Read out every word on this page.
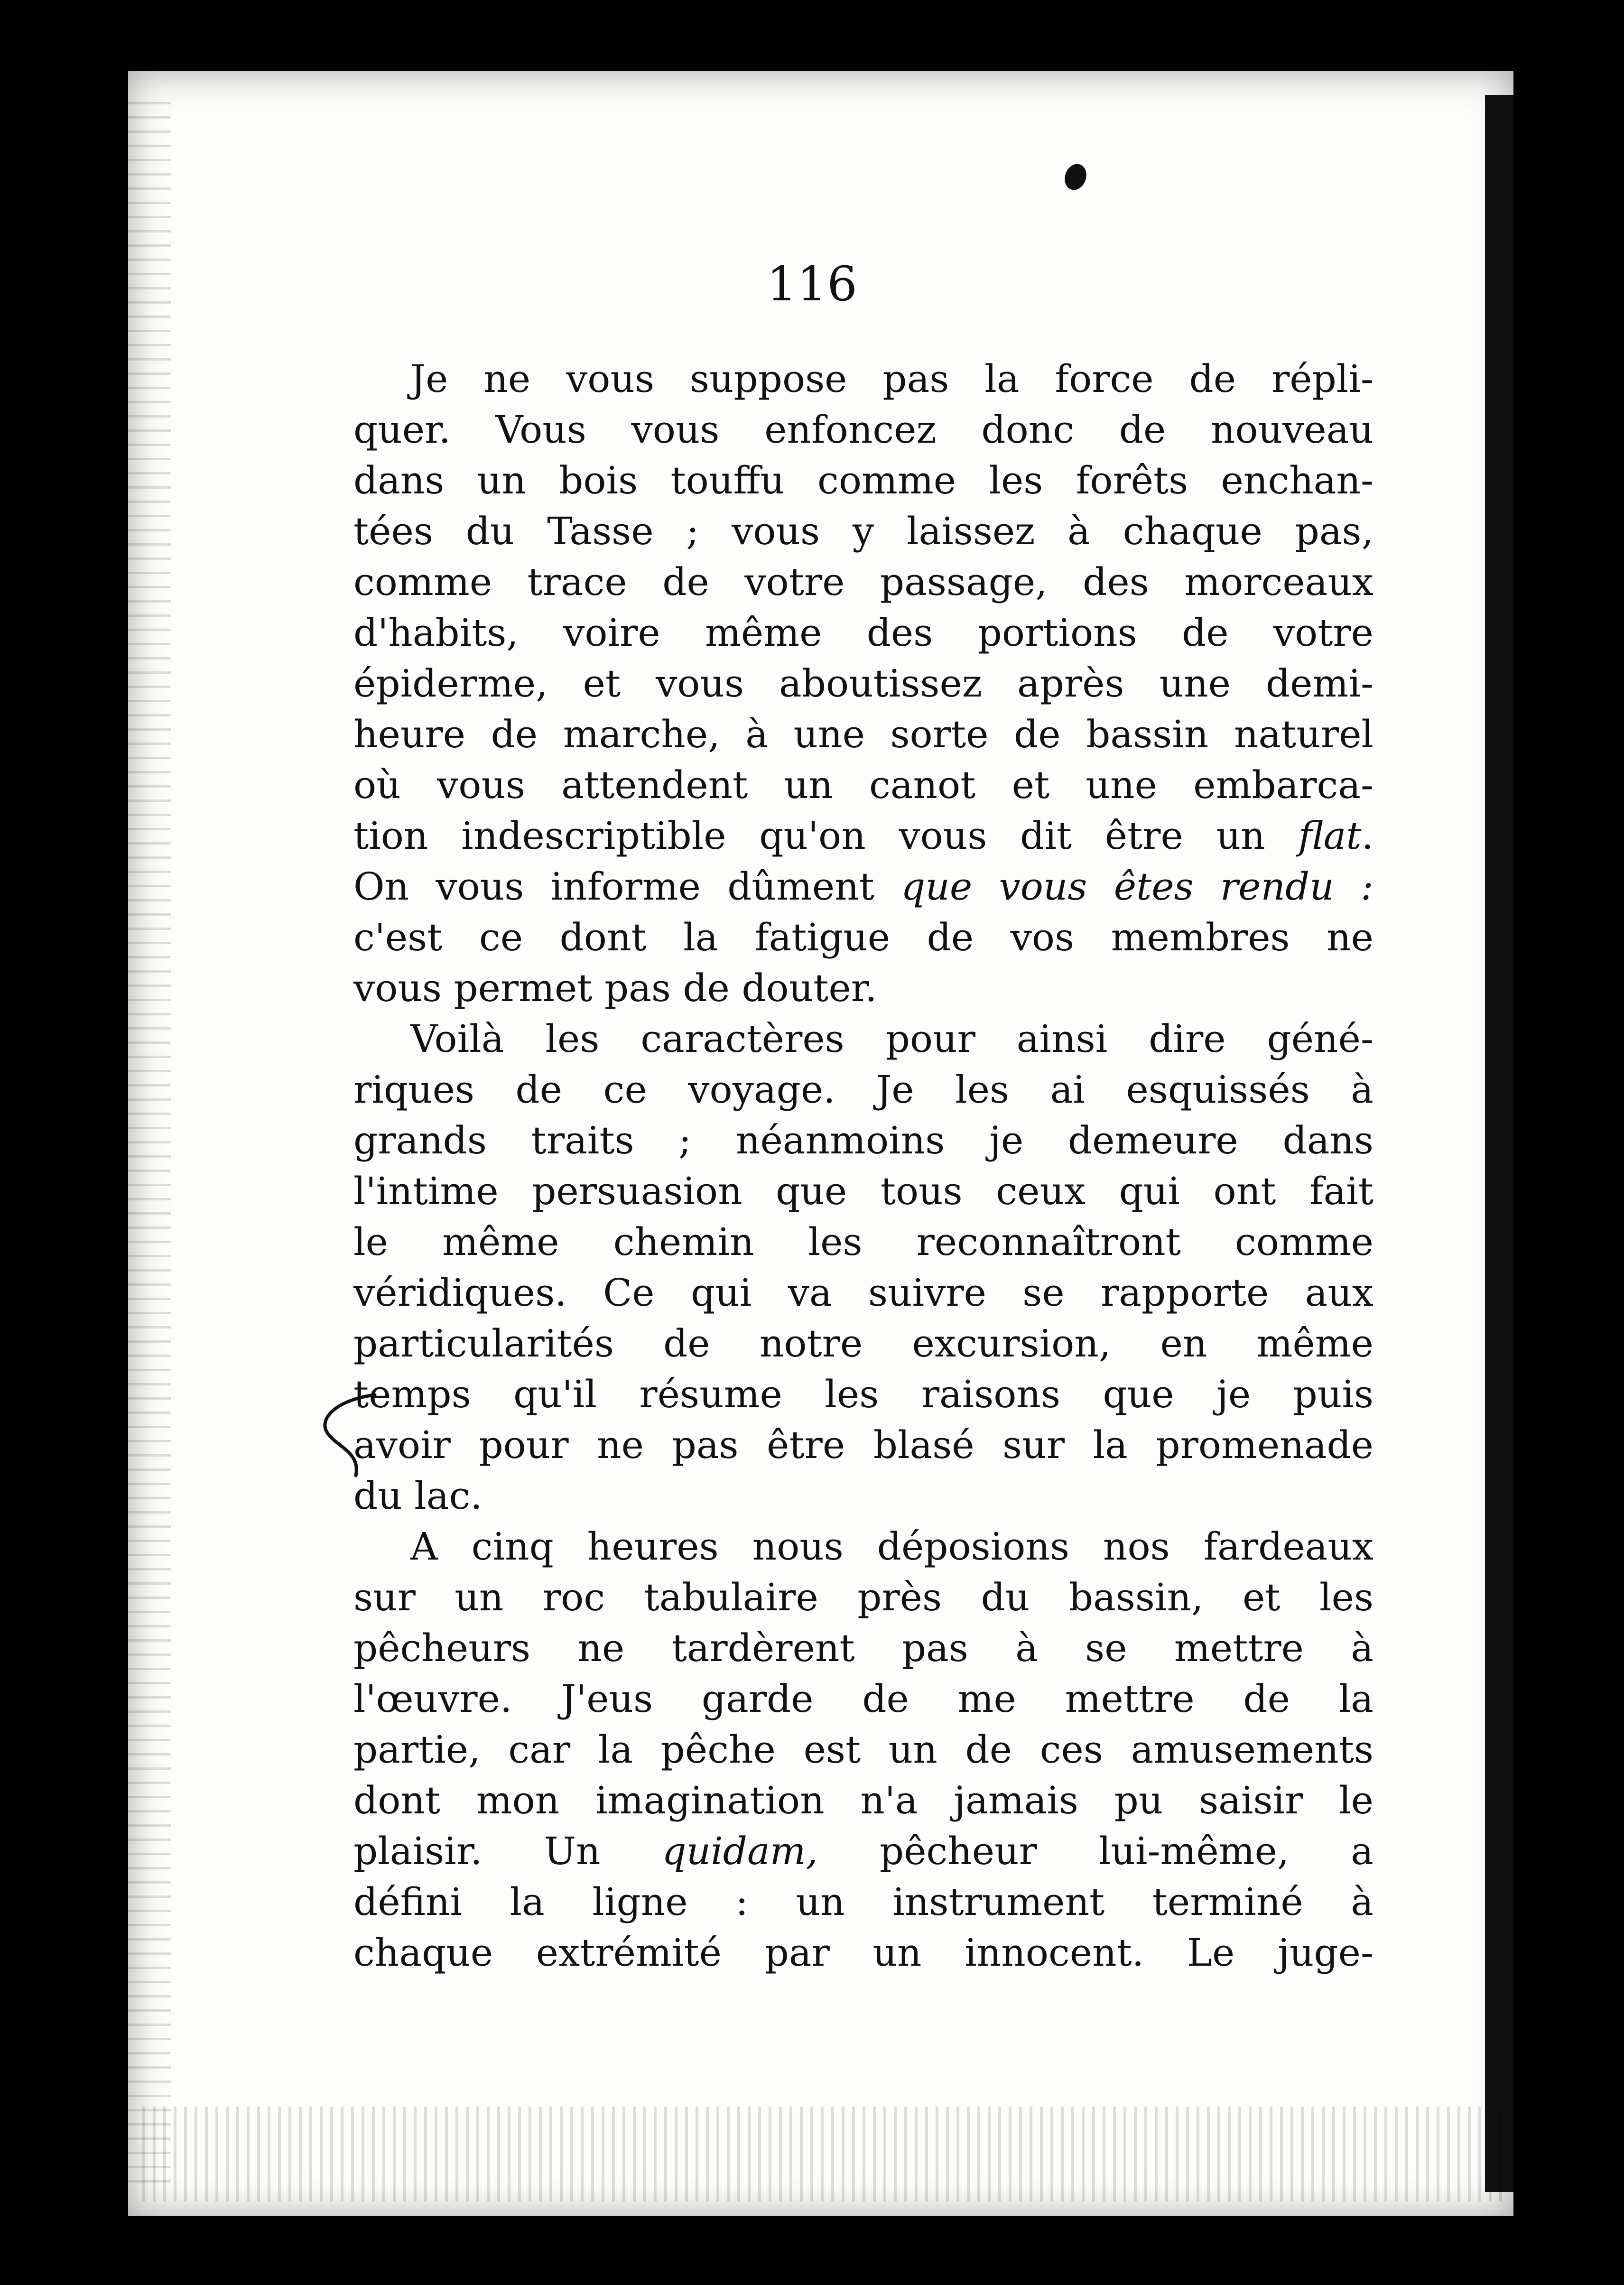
116

Je ne vous suppose pas la force de répli-
quer. Vous vous enfoncez donc de nouveau
dans un bois touffu comme les forêts enchan-
tées du Tasse ; vous y laissez à chaque pas,
comme trace de votre passage, des morceaux
d'habits, voire même des portions de votre
épiderme, et vous aboutissez après une demi-
heure de marche, à une sorte de bassin naturel
où vous attendent un canot et une embarca-
tion indescriptible qu'on vous dit être un flat.
On vous informe dûment que vous êtes rendu :
c'est ce dont la fatigue de vos membres ne
vous permet pas de douter.
Voilà les caractères pour ainsi dire géné-
riques de ce voyage. Je les ai esquissés à
grands traits ; néanmoins je demeure dans
l'intime persuasion que tous ceux qui ont fait
le même chemin les reconnaîtront comme
véridiques. Ce qui va suivre se rapporte aux
particularités de notre excursion, en même
temps qu'il résume les raisons que je puis
avoir pour ne pas être blasé sur la promenade
du lac.
A cinq heures nous déposions nos fardeaux
sur un roc tabulaire près du bassin, et les
pêcheurs ne tardèrent pas à se mettre à
l'œuvre. J'eus garde de me mettre de la
partie, car la pêche est un de ces amusements
dont mon imagination n'a jamais pu saisir le
plaisir. Un quidam, pêcheur lui-même, a
défini la ligne : un instrument terminé à
chaque extrémité par un innocent. Le juge-
